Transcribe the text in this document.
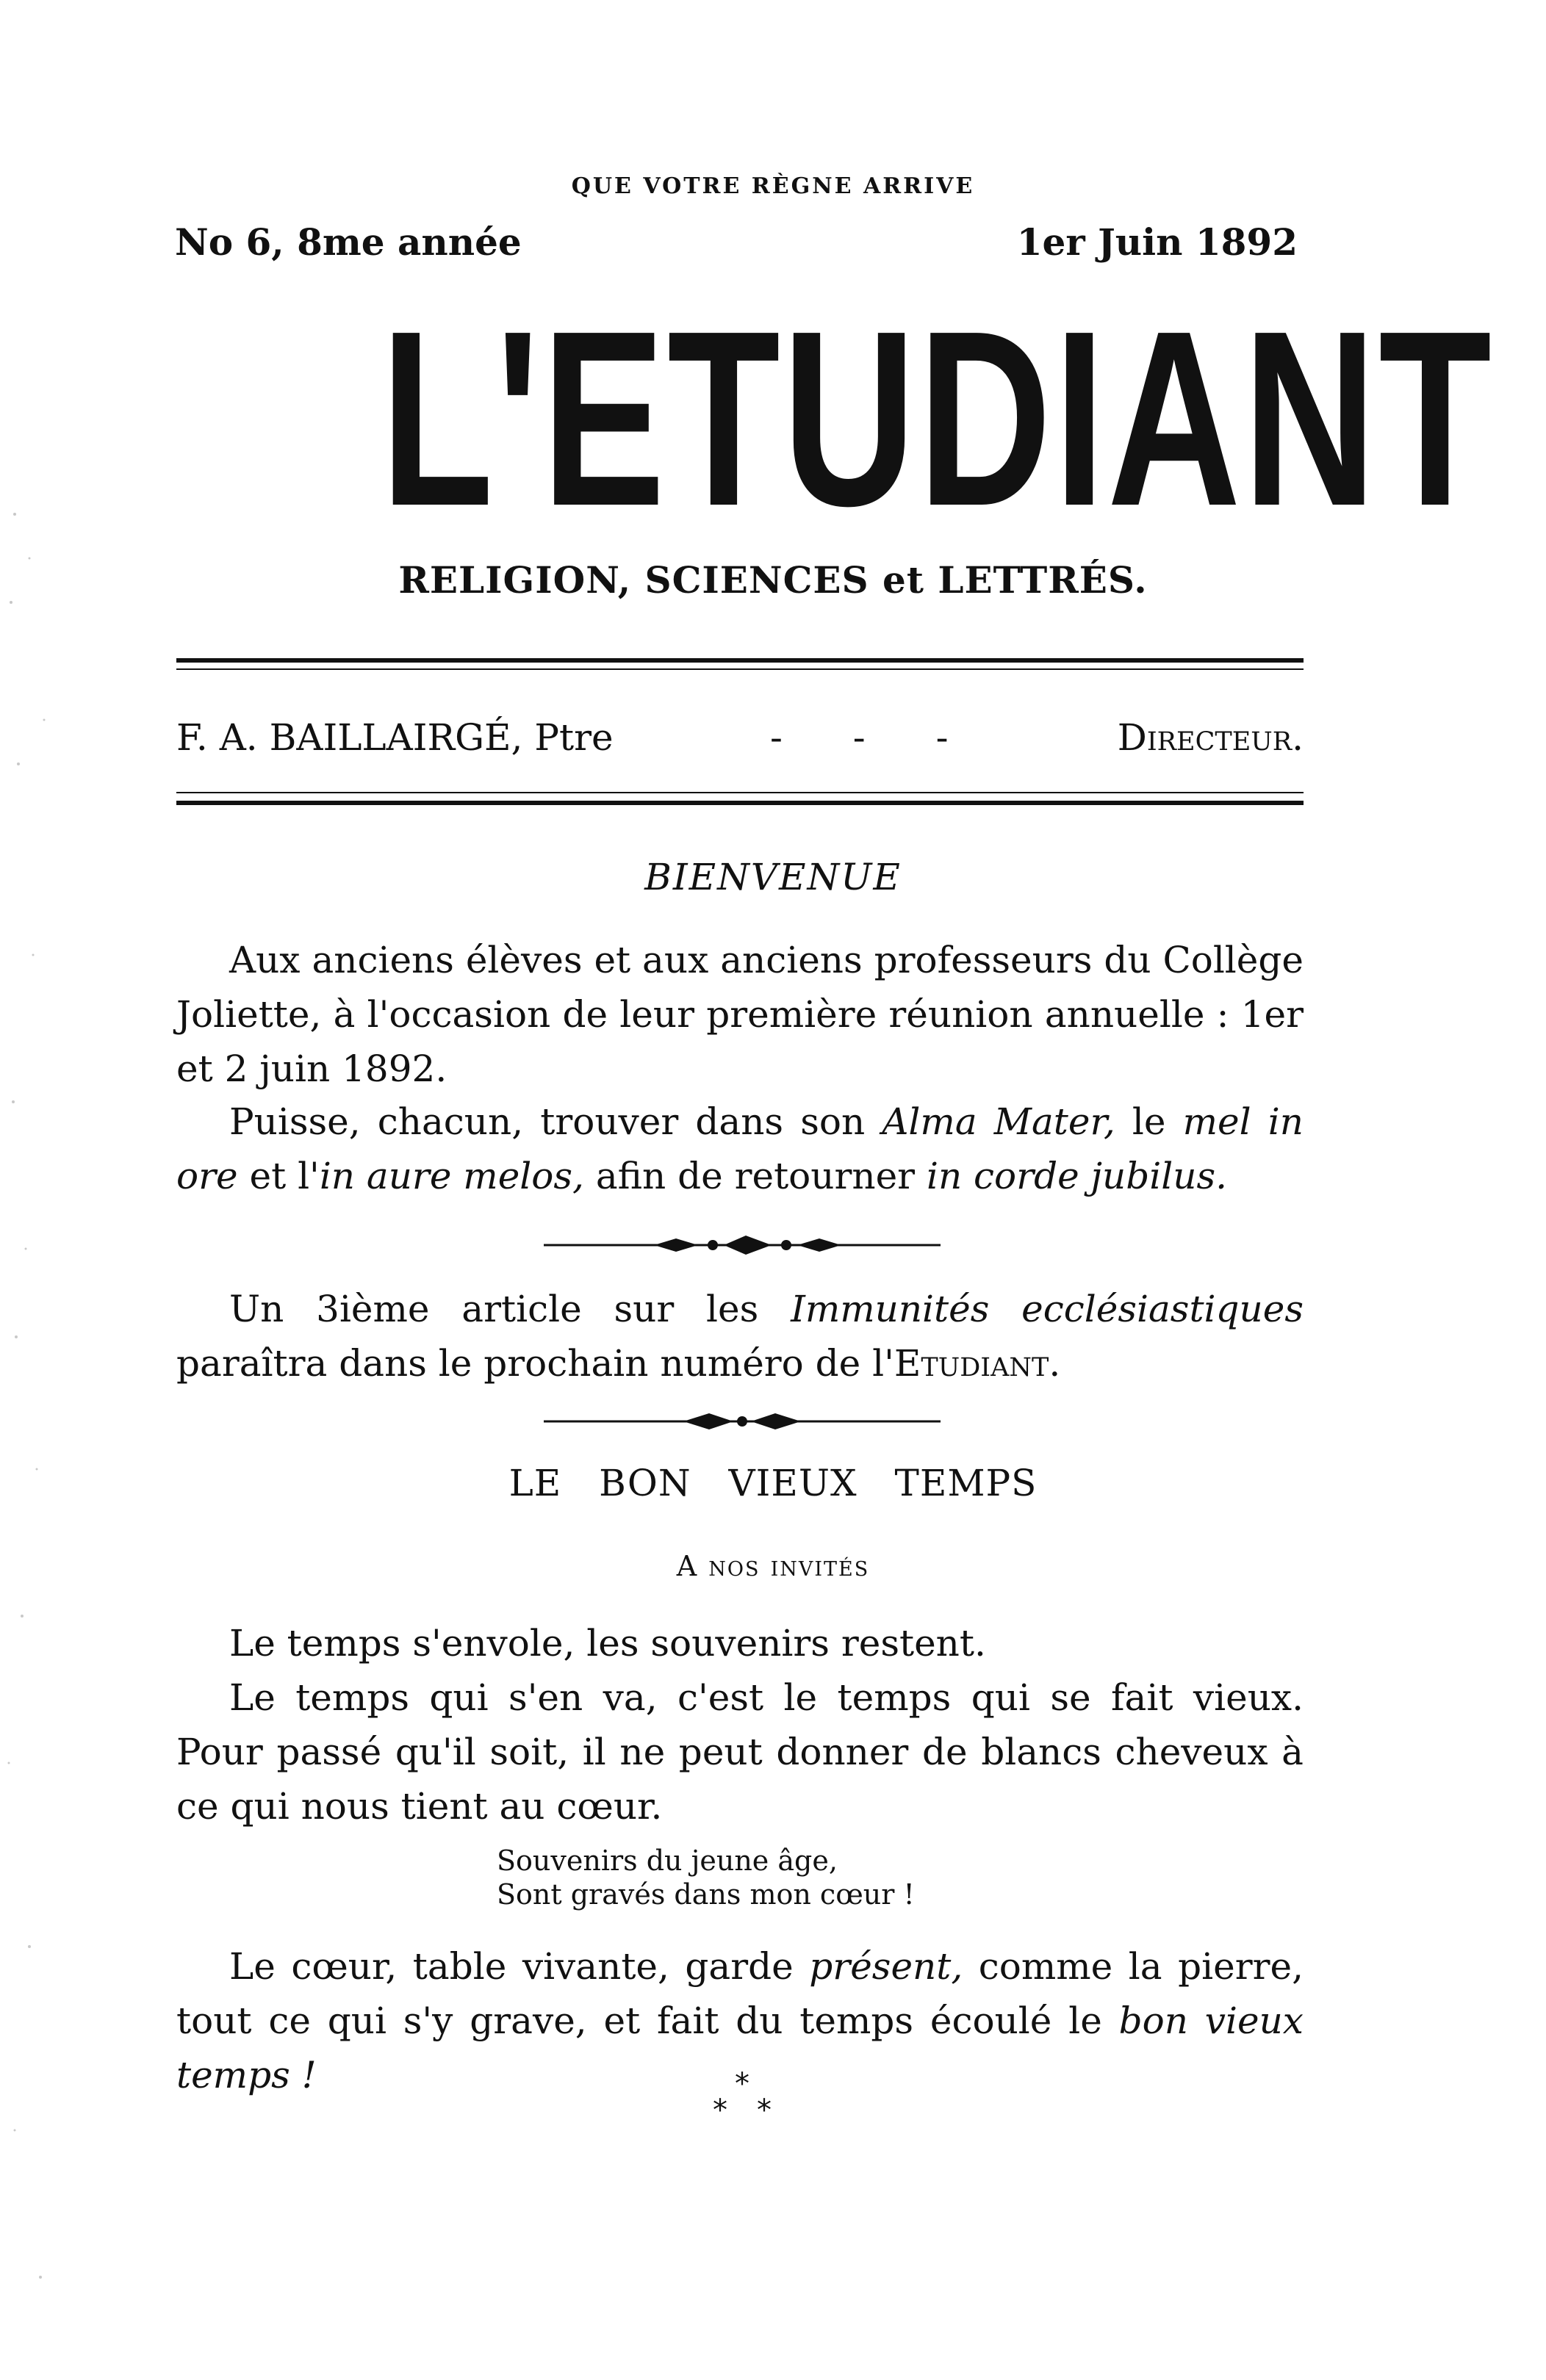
QUE VOTRE RÈGNE ARRIVE
No 6, 8me année	1er Juin 1892
L'ETUDIANT
RELIGION, SCIENCES et LETTRÉS.
F. A. BAILLAIRGÉ, Ptre	- - -	Directeur.
BIENVENUE
Aux anciens élèves et aux anciens professeurs du Collège Joliette, à l'occasion de leur première réunion annuelle : 1er et 2 juin 1892.
Puisse, chacun, trouver dans son Alma Mater, le mel in ore et l'in aure melos, afin de retourner in corde jubilus.
Un 3ième article sur les Immunités ecclésiastiques paraîtra dans le prochain numéro de l'Etudiant.
LE BON VIEUX TEMPS
A nos invités
Le temps s'envole, les souvenirs restent.
Le temps qui s'en va, c'est le temps qui se fait vieux. Pour passé qu'il soit, il ne peut donner de blancs cheveux à ce qui nous tient au cœur.
Souvenirs du jeune âge,
Sont gravés dans mon cœur !
Le cœur, table vivante, garde présent, comme la pierre, tout ce qui s'y grave, et fait du temps écoulé le bon vieux temps !	*
* *
